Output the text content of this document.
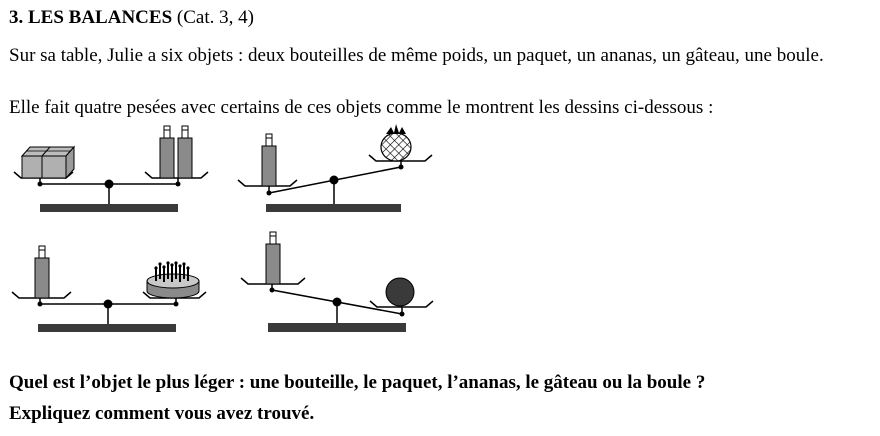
3. LES BALANCES (Cat. 3, 4)
Sur sa table, Julie a six objets : deux bouteilles de même poids, un paquet, un ananas, un gâteau, une boule.
Elle fait quatre pesées avec certains de ces objets comme le montrent les dessins ci-dessous :
Quel est l’objet le plus léger : une bouteille, le paquet, l’ananas, le gâteau ou la boule ?
Expliquez comment vous avez trouvé.
